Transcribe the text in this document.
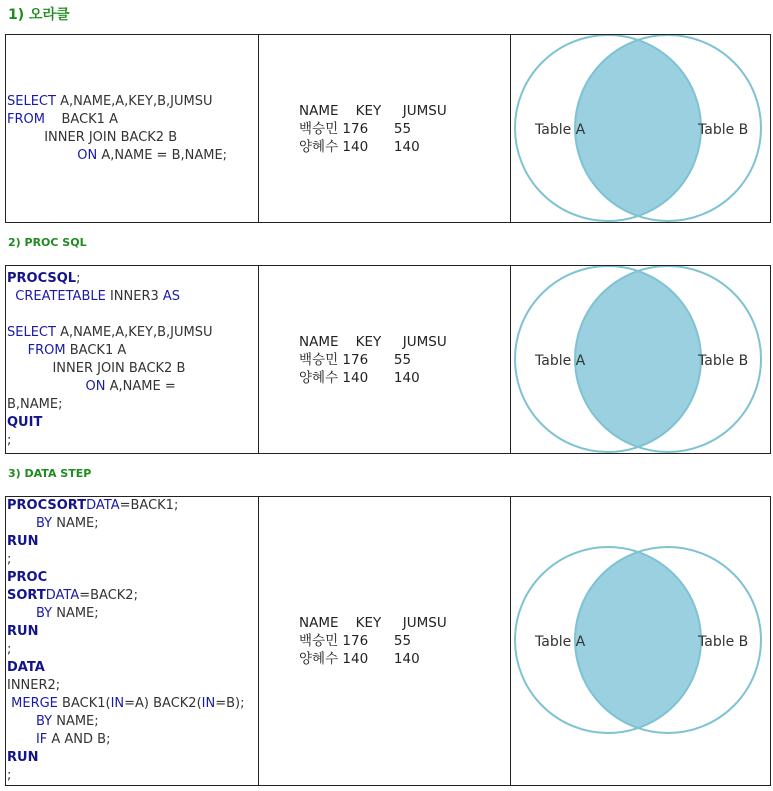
1) 오라클
SELECT A,NAME,A,KEY,B,JUMSU
FROM    BACK1 A
INNER JOIN BACK2 B
ON A,NAME = B,NAME;

NAME    KEY     JUMSU
백승민 176      55
양혜수 140      140

Table A	Table B
2) PROC SQL
PROCSQL;
CREATETABLE INNER3 AS

SELECT A,NAME,A,KEY,B,JUMSU
FROM BACK1 A
INNER JOIN BACK2 B
ON A,NAME =
B,NAME;
QUIT
;

NAME    KEY     JUMSU
백승민 176      55
양혜수 140      140

Table A	Table B
3) DATA STEP
PROCSORTDATA=BACK1;
BY NAME;
RUN
;
PROC
SORTDATA=BACK2;
BY NAME;
RUN
;
DATA
INNER2;
MERGE BACK1(IN=A) BACK2(IN=B);
BY NAME;
IF A AND B;
RUN
;

NAME    KEY     JUMSU
백승민 176      55
양혜수 140      140

Table A	Table B
